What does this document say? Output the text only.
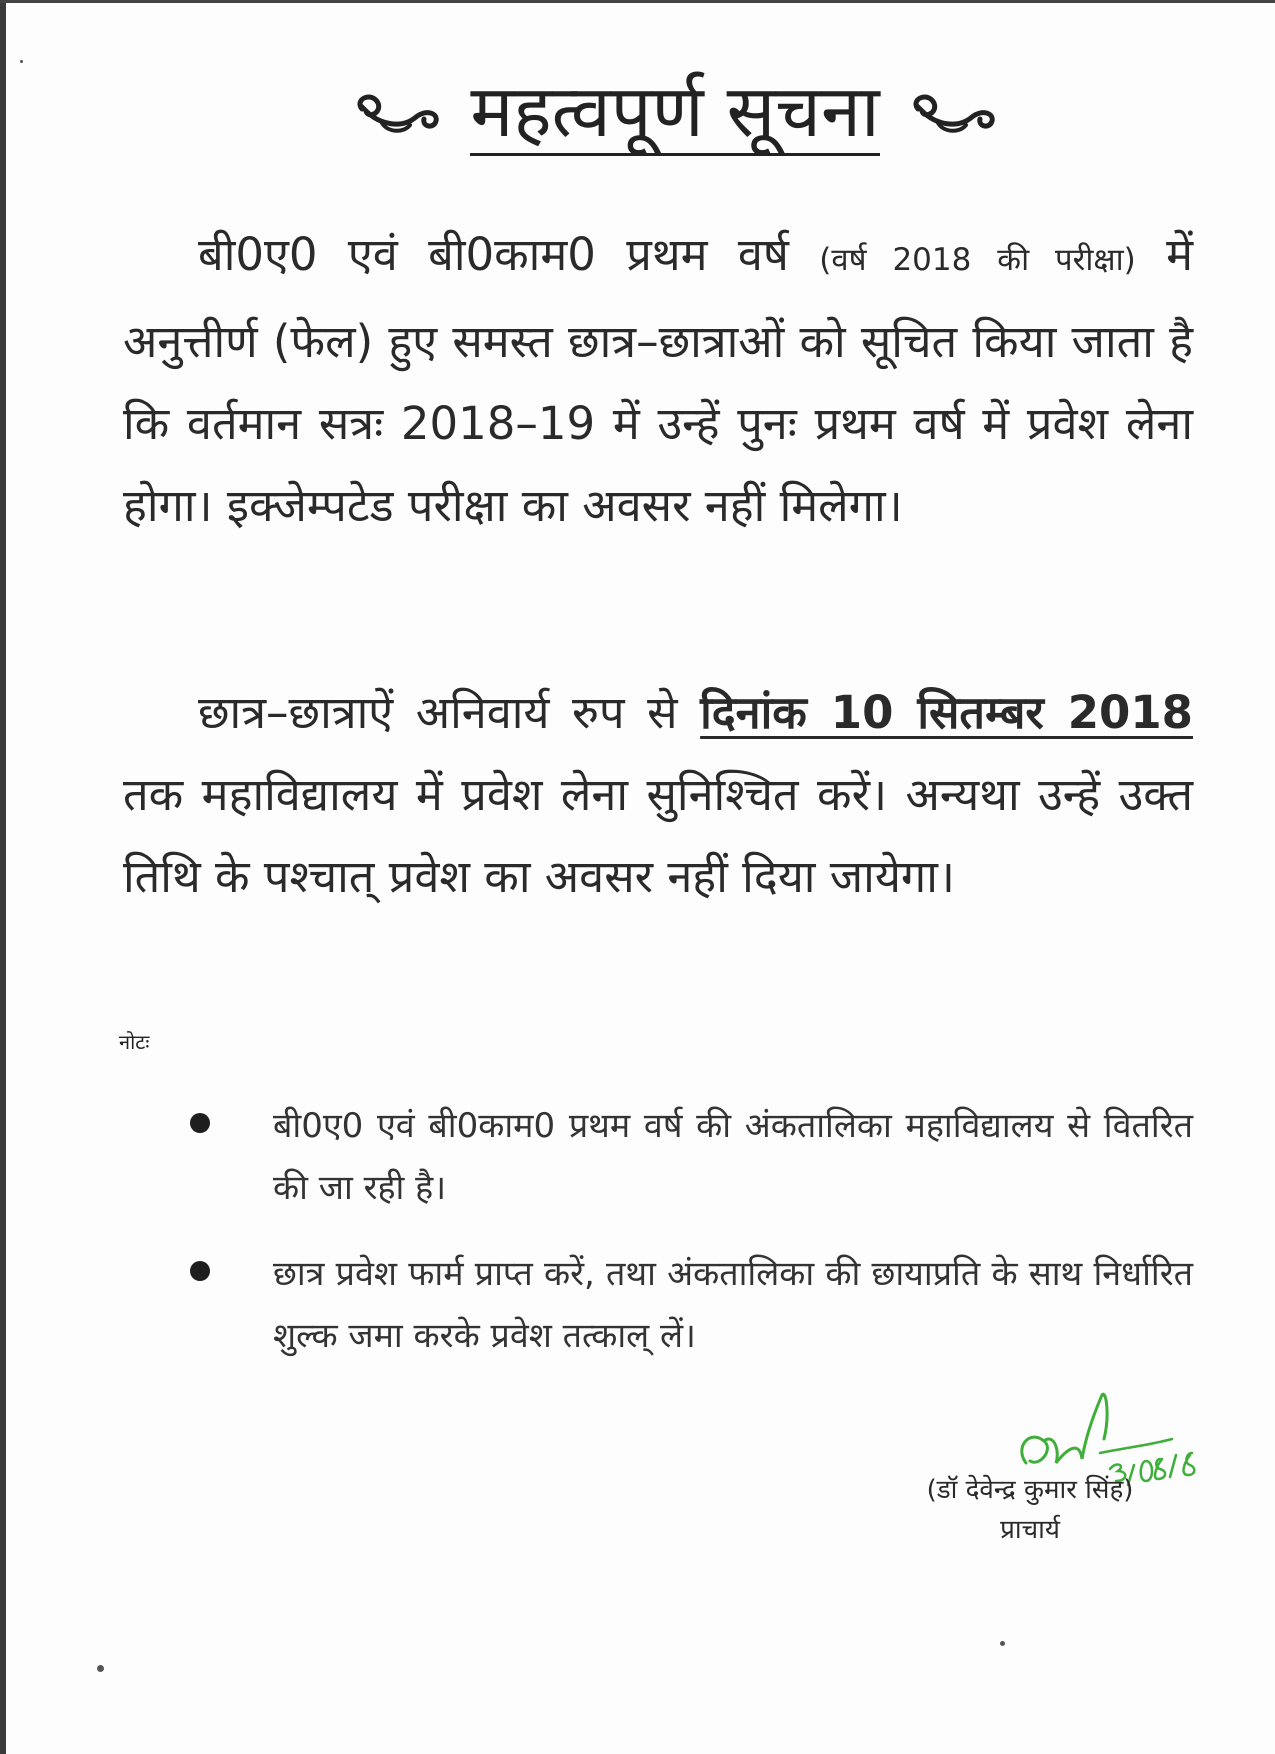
महत्वपूर्ण सूचना
बी0ए0 एवं बी0काम0 प्रथम वर्ष (वर्ष 2018 की परीक्षा) में अनुत्तीर्ण (फेल) हुए समस्त छात्र–छात्राओं को सूचित किया जाता है कि वर्तमान सत्रः 2018–19 में उन्हें पुनः प्रथम वर्ष में प्रवेश लेना होगा। इक्जेम्पटेड परीक्षा का अवसर नहीं मिलेगा।
छात्र–छात्राऐं अनिवार्य रुप से दिनांक 10 सितम्बर 2018 तक महाविद्यालय में प्रवेश लेना सुनिश्चित करें। अन्यथा उन्हें उक्त तिथि के पश्चात् प्रवेश का अवसर नहीं दिया जायेगा।
नोटः
बी0ए0 एवं बी0काम0 प्रथम वर्ष की अंकतालिका महाविद्यालय से वितरित की जा रही है।
छात्र प्रवेश फार्म प्राप्त करें, तथा अंकतालिका की छायाप्रति के साथ निर्धारित शुल्क जमा करके प्रवेश तत्काल् लें।
(डॉ देवेन्द्र कुमार सिंह)
प्राचार्य
